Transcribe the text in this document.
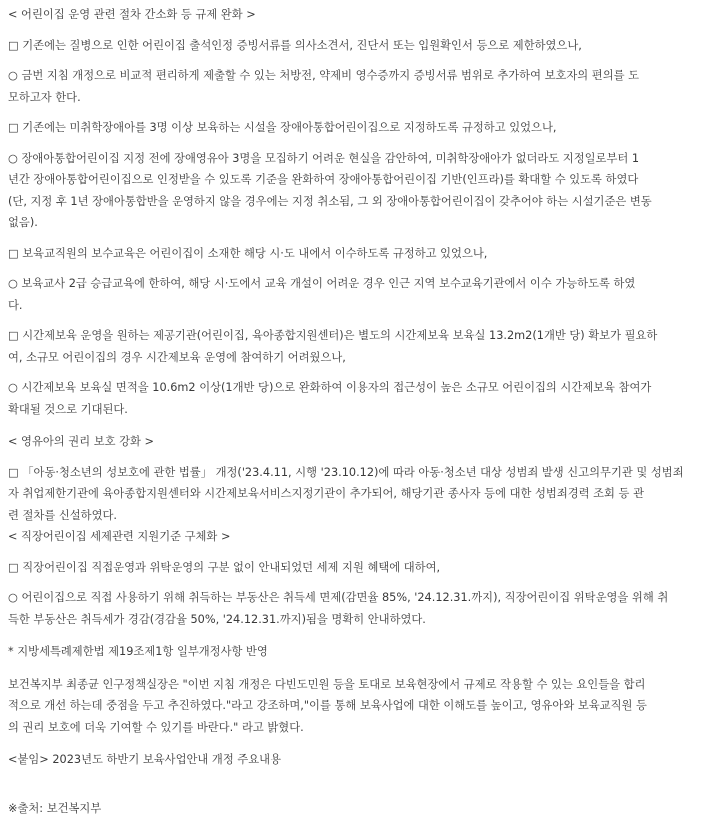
< 어린이집 운영 관련 절차 간소화 등 규제 완화 >

□ 기존에는 질병으로 인한 어린이집 출석인정 증빙서류를 의사소견서, 진단서 또는 입원확인서 등으로 제한하였으나,

○ 금번 지침 개정으로 비교적 편리하게 제출할 수 있는 처방전, 약제비 영수증까지 증빙서류 범위로 추가하여 보호자의 편의를 도

모하고자 한다.

□ 기존에는 미취학장애아를 3명 이상 보육하는 시설을 장애아통합어린이집으로 지정하도록 규정하고 있었으나,

○ 장애아통합어린이집 지정 전에 장애영유아 3명을 모집하기 어려운 현실을 감안하여, 미취학장애아가 없더라도 지정일로부터 1

년간 장애아통합어린이집으로 인정받을 수 있도록 기준을 완화하여 장애아통합어린이집 기반(인프라)를 확대할 수 있도록 하였다

(단, 지정 후 1년 장애아통합반을 운영하지 않을 경우에는 지정 취소됨, 그 외 장애아통합어린이집이 갖추어야 하는 시설기준은 변동

없음).

□ 보육교직원의 보수교육은 어린이집이 소재한 해당 시·도 내에서 이수하도록 규정하고 있었으나,

○ 보육교사 2급 승급교육에 한하여, 해당 시·도에서 교육 개설이 어려운 경우 인근 지역 보수교육기관에서 이수 가능하도록 하였

다.

□ 시간제보육 운영을 원하는 제공기관(어린이집, 육아종합지원센터)은 별도의 시간제보육 보육실 13.2m2(1개반 당) 확보가 필요하

여, 소규모 어린이집의 경우 시간제보육 운영에 참여하기 어려웠으나,

○ 시간제보육 보육실 면적을 10.6m2 이상(1개반 당)으로 완화하여 이용자의 접근성이 높은 소규모 어린이집의 시간제보육 참여가

확대될 것으로 기대된다.

< 영유아의 권리 보호 강화 >

□ 「아동·청소년의 성보호에 관한 법률」 개정('23.4.11, 시행 '23.10.12)에 따라 아동·청소년 대상 성범죄 발생 신고의무기관 및 성범죄

자 취업제한기관에 육아종합지원센터와 시간제보육서비스지정기관이 추가되어, 해당기관 종사자 등에 대한 성범죄경력 조회 등 관

련 절차를 신설하였다.

< 직장어린이집 세제관련 지원기준 구체화 >

□ 직장어린이집 직접운영과 위탁운영의 구분 없이 안내되었던 세제 지원 혜택에 대하여,

○ 어린이집으로 직접 사용하기 위해 취득하는 부동산은 취득세 면제(감면율 85%, '24.12.31.까지), 직장어린이집 위탁운영을 위해 취

득한 부동산은 취득세가 경감(경감율 50%, '24.12.31.까지)됨을 명확히 안내하였다.

* 지방세특례제한법 제19조제1항 일부개정사항 반영

보건복지부 최종균 인구정책실장은 "이번 지침 개정은 다빈도민원 등을 토대로 보육현장에서 규제로 작용할 수 있는 요인들을 합리

적으로 개선 하는데 중점을 두고 추진하였다."라고 강조하며,"이를 통해 보육사업에 대한 이해도를 높이고, 영유아와 보육교직원 등

의 권리 보호에 더욱 기여할 수 있기를 바란다." 라고 밝혔다.

<붙임> 2023년도 하반기 보육사업안내 개정 주요내용

※출처: 보건복지부
